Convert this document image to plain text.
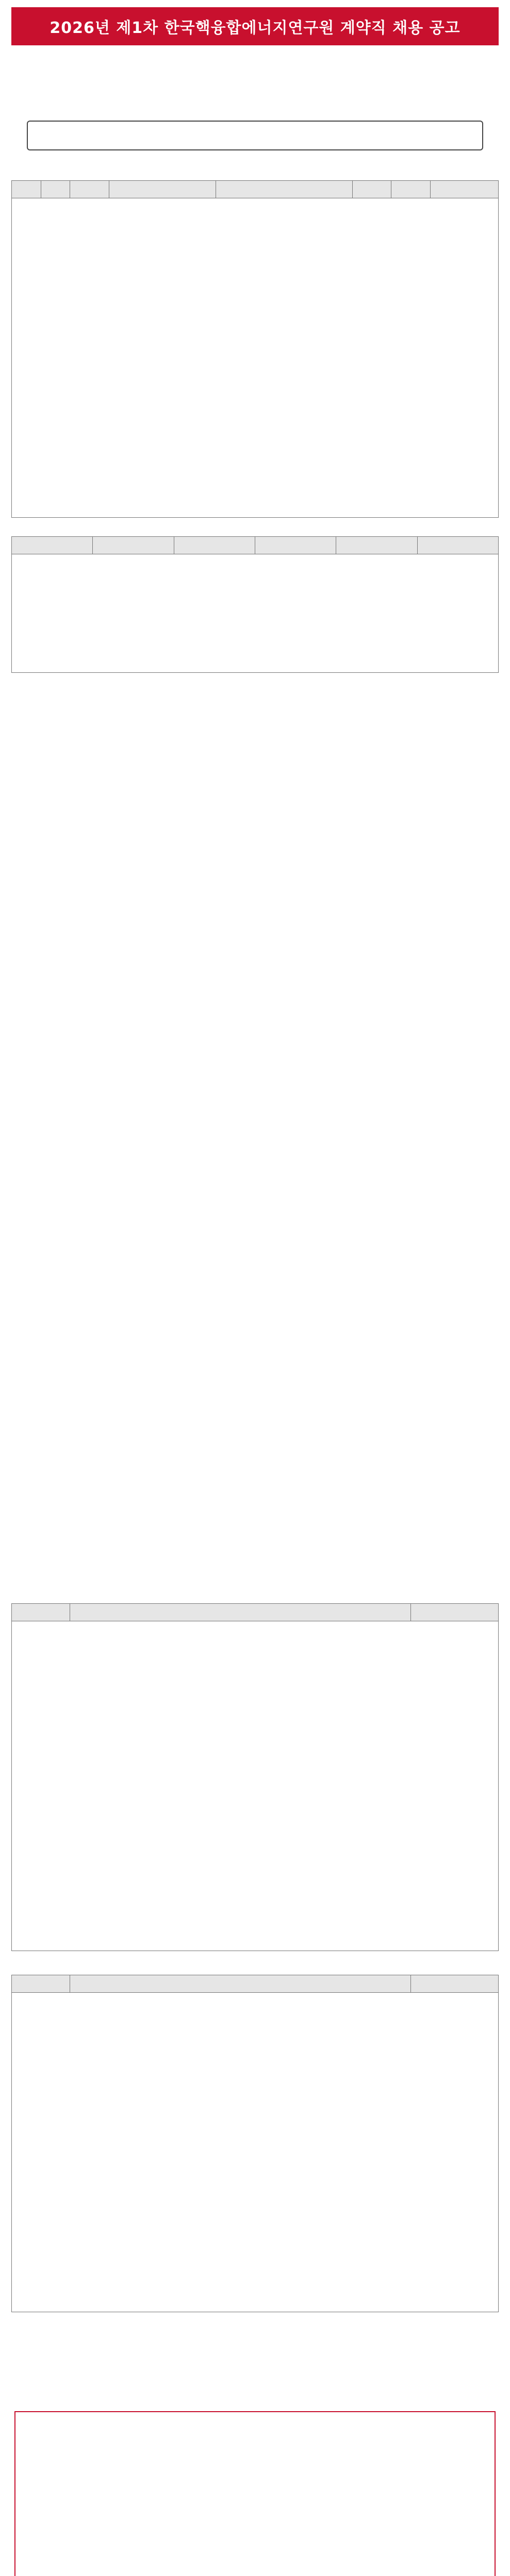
2026년 제1차 한국핵융합에너지연구원 계약직 채용 공고
